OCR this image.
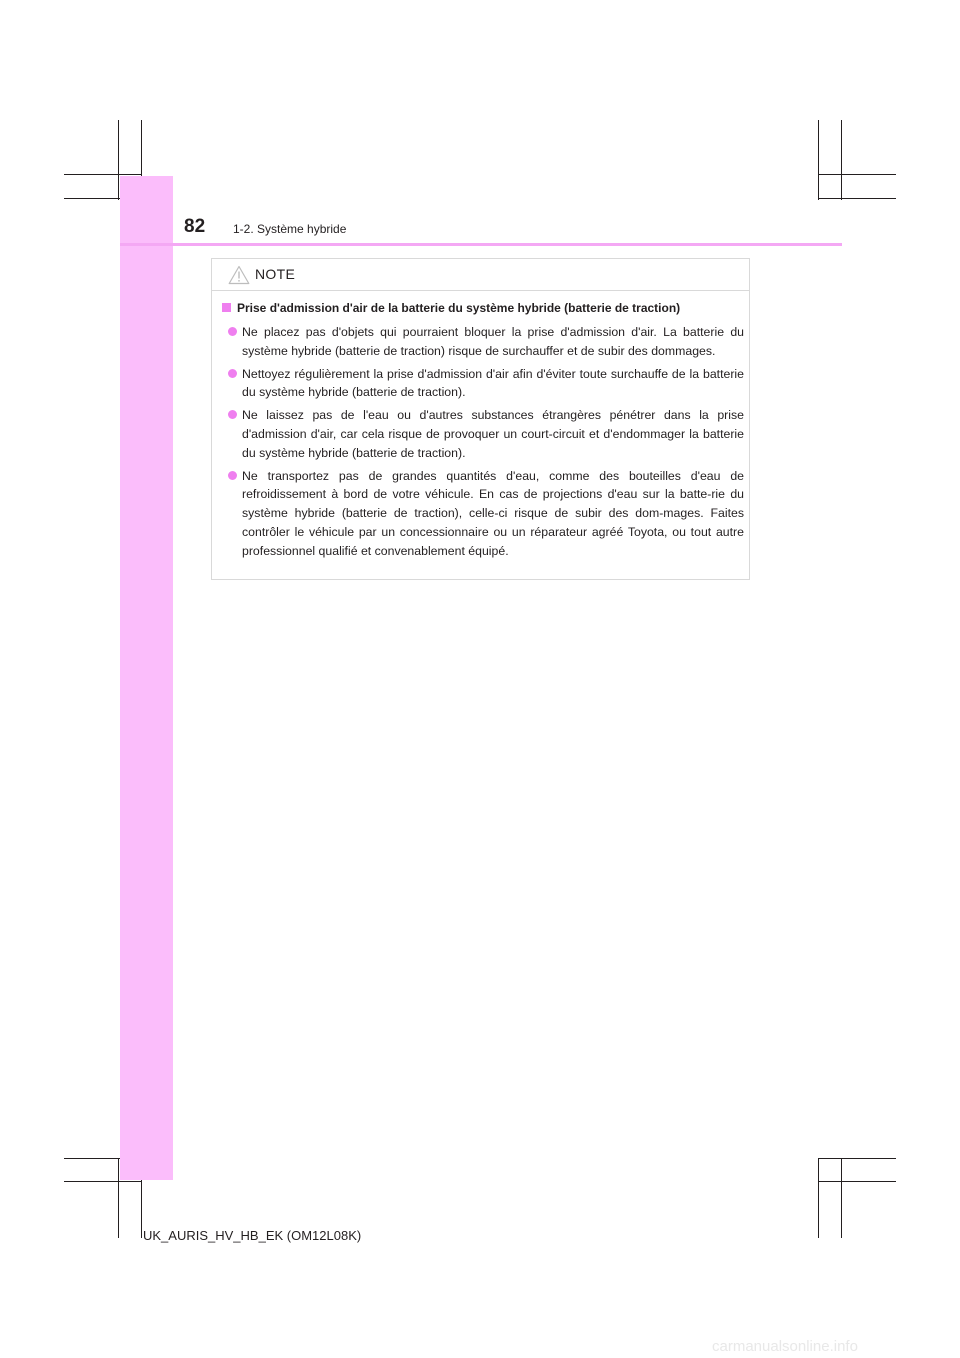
82 1-2. Système hybride
NOTE
Prise d'admission d'air de la batterie du système hybride (batterie de traction)
Ne placez pas d'objets qui pourraient bloquer la prise d'admission d'air. La batterie du système hybride (batterie de traction) risque de surchauffer et de subir des dommages.
Nettoyez régulièrement la prise d'admission d'air afin d'éviter toute surchauffe de la batterie du système hybride (batterie de traction).
Ne laissez pas de l'eau ou d'autres substances étrangères pénétrer dans la prise d'admission d'air, car cela risque de provoquer un court-circuit et d'endommager la batterie du système hybride (batterie de traction).
Ne transportez pas de grandes quantités d'eau, comme des bouteilles d'eau de refroidissement à bord de votre véhicule. En cas de projections d'eau sur la batte-rie du système hybride (batterie de traction), celle-ci risque de subir des dom-mages. Faites contrôler le véhicule par un concessionnaire ou un réparateur agréé Toyota, ou tout autre professionnel qualifié et convenablement équipé.
UK_AURIS_HV_HB_EK (OM12L08K)
carmanualsonline.info
